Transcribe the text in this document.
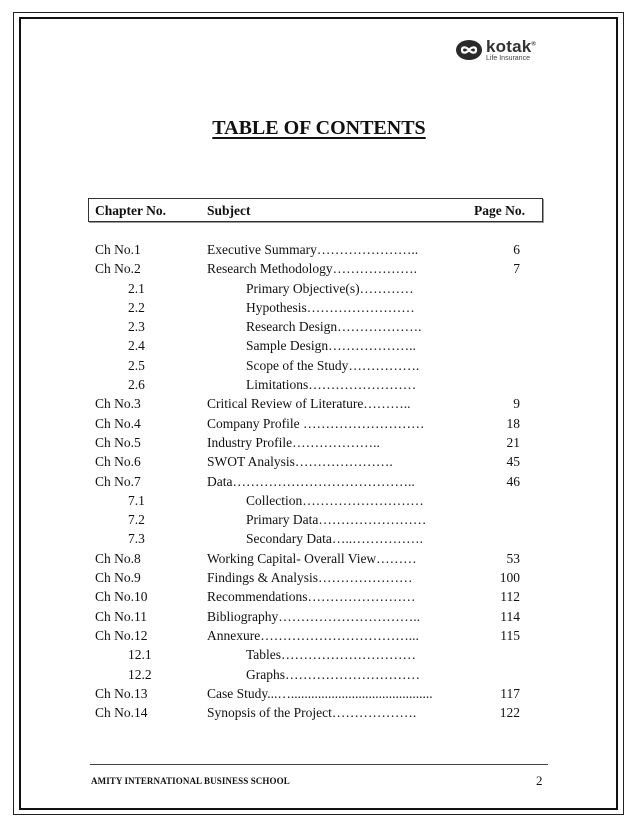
kotak®
Life Insurance
TABLE OF CONTENTS
Chapter No.	Subject	Page No.
Ch No.1	Executive Summary…………………..	6
Ch No.2	Research Methodology……………….	7
2.1	Primary Objective(s)…………
2.2	Hypothesis……………………
2.3	Research Design……………….
2.4	Sample Design………………..
2.5	Scope of the Study…………….
2.6	Limitations……………………
Ch No.3	Critical Review of Literature………..	9
Ch No.4	Company Profile ………………………	18
Ch No.5	Industry Profile………………..	21
Ch No.6	SWOT Analysis………………….	45
Ch No.7	Data…………………………………..	46
7.1	Collection………………………
7.2	Primary Data……………………
7.3	Secondary Data…..…………….
Ch No.8	Working Capital- Overall View………	53
Ch No.9	Findings & Analysis…………………	100
Ch No.10	Recommendations……………………	112
Ch No.11	Bibliography…………………………..	114
Ch No.12	Annexure……………………………...	115
12.1	Tables…………………………
12.2	Graphs…………………………
Ch No.13	Case Study...…..........................................	117
Ch No.14	Synopsis of the Project……………….	122
AMITY INTERNATIONAL BUSINESS SCHOOL	2
